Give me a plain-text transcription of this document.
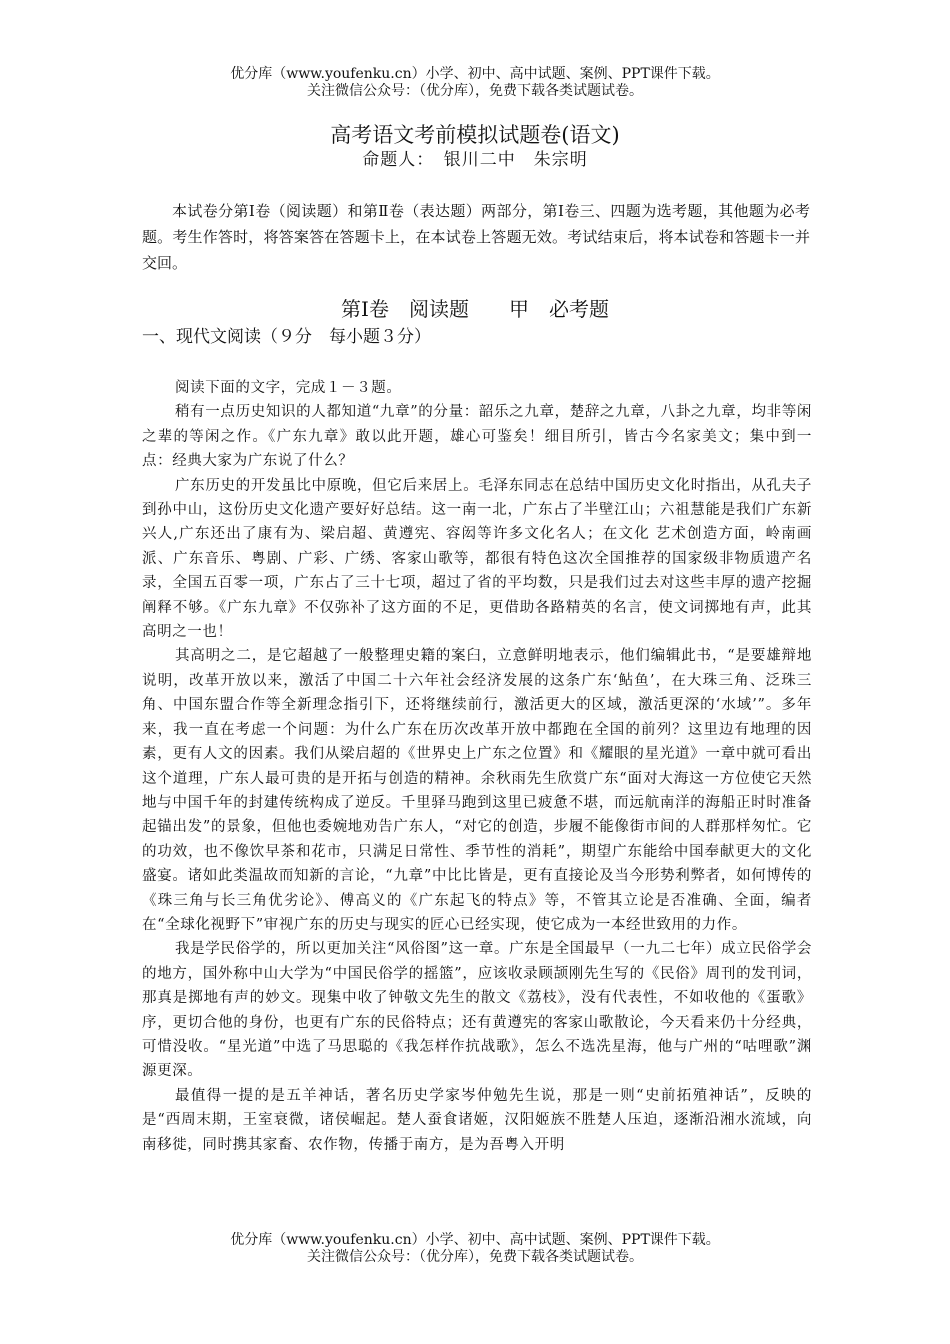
优分库（www.youfenku.cn）小学、初中、高中试题、案例、PPT课件下载。
关注微信公众号：（优分库），免费下载各类试题试卷。
高考语文考前模拟试题卷(语文)
命题人：　银川二中　朱宗明
本试卷分第Ⅰ卷（阅读题）和第Ⅱ卷（表达题）两部分，第Ⅰ卷三、四题为选考题，其他题为必考题。考生作答时，将答案答在答题卡上，在本试卷上答题无效。考试结束后，将本试卷和答题卡一并交回。
第Ⅰ卷　阅读题　　甲　必考题
一、现代文阅读（９分　每小题３分）

阅读下面的文字，完成１－３题。

稍有一点历史知识的人都知道“九章”的分量：韶乐之九章，楚辞之九章，八卦之九章，均非等闲之辈的等闲之作。《广东九章》敢以此开题，雄心可鉴矣！细目所引，皆古今名家美文；集中到一点：经典大家为广东说了什么？

广东历史的开发虽比中原晚，但它后来居上。毛泽东同志在总结中国历史文化时指出，从孔夫子到孙中山，这份历史文化遗产要好好总结。这一南一北，广东占了半壁江山；六祖慧能是我们广东新兴人,广东还出了康有为、梁启超、黄遵宪、容闳等许多文化名人；在文化 艺术创造方面，岭南画派、广东音乐、粤剧、广彩、广绣、客家山歌等，都很有特色这次全国推荐的国家级非物质遗产名录，全国五百零一项，广东占了三十七项，超过了省的平均数，只是我们过去对这些丰厚的遗产挖掘阐释不够。《广东九章》不仅弥补了这方面的不足，更借助各路精英的名言，使文词掷地有声，此其高明之一也！

其高明之二，是它超越了一般整理史籍的案臼，立意鲜明地表示，他们编辑此书，“是要雄辩地说明，改革开放以来，激活了中国二十六年社会经济发展的这条广东‘鲇鱼’，在大珠三角、泛珠三角、中国东盟合作等全新理念指引下，还将继续前行，激活更大的区域，激活更深的‘水域’”。多年来，我一直在考虑一个问题：为什么广东在历次改革开放中都跑在全国的前列？这里边有地理的因素，更有人文的因素。我们从梁启超的《世界史上广东之位置》和《耀眼的星光道》一章中就可看出这个道理，广东人最可贵的是开拓与创造的精神。余秋雨先生欣赏广东“面对大海这一方位使它天然地与中国千年的封建传统构成了逆反。千里驿马跑到这里已疲惫不堪，而远航南洋的海船正时时准备起锚出发”的景象，但他也委婉地劝告广东人，“对它的创造，步履不能像街市间的人群那样匆忙。它的功效，也不像饮早茶和花市，只满足日常性、季节性的消耗”，期望广东能给中国奉献更大的文化盛宴。诸如此类温故而知新的言论，“九章”中比比皆是，更有直接论及当今形势利弊者，如何博传的《珠三角与长三角优劣论》、傅高义的《广东起飞的特点》等，不管其立论是否准确、全面，编者在“全球化视野下”审视广东的历史与现实的匠心已经实现，使它成为一本经世致用的力作。

我是学民俗学的，所以更加关注“风俗图”这一章。广东是全国最早（一九二七年）成立民俗学会的地方，国外称中山大学为“中国民俗学的摇篮”，应该收录顾颉刚先生写的《民俗》周刊的发刊词，那真是掷地有声的妙文。现集中收了钟敬文先生的散文《荔枝》，没有代表性，不如收他的《蛋歌》序，更切合他的身份，也更有广东的民俗特点；还有黄遵宪的客家山歌散论，今天看来仍十分经典，可惜没收。“星光道”中选了马思聪的《我怎样作抗战歌》，怎么不选冼星海，他与广州的“咕哩歌”渊源更深。

最值得一提的是五羊神话，著名历史学家岑仲勉先生说，那是一则“史前拓殖神话”，反映的是“西周末期，王室衰微，诸侯崛起。楚人蚕食诸姬，汉阳姬族不胜楚人压迫，逐渐沿湘水流域，向南移徙，同时携其家畜、农作物，传播于南方，是为吾粤入开明

优分库（www.youfenku.cn）小学、初中、高中试题、案例、PPT课件下载。
关注微信公众号：（优分库），免费下载各类试题试卷。
